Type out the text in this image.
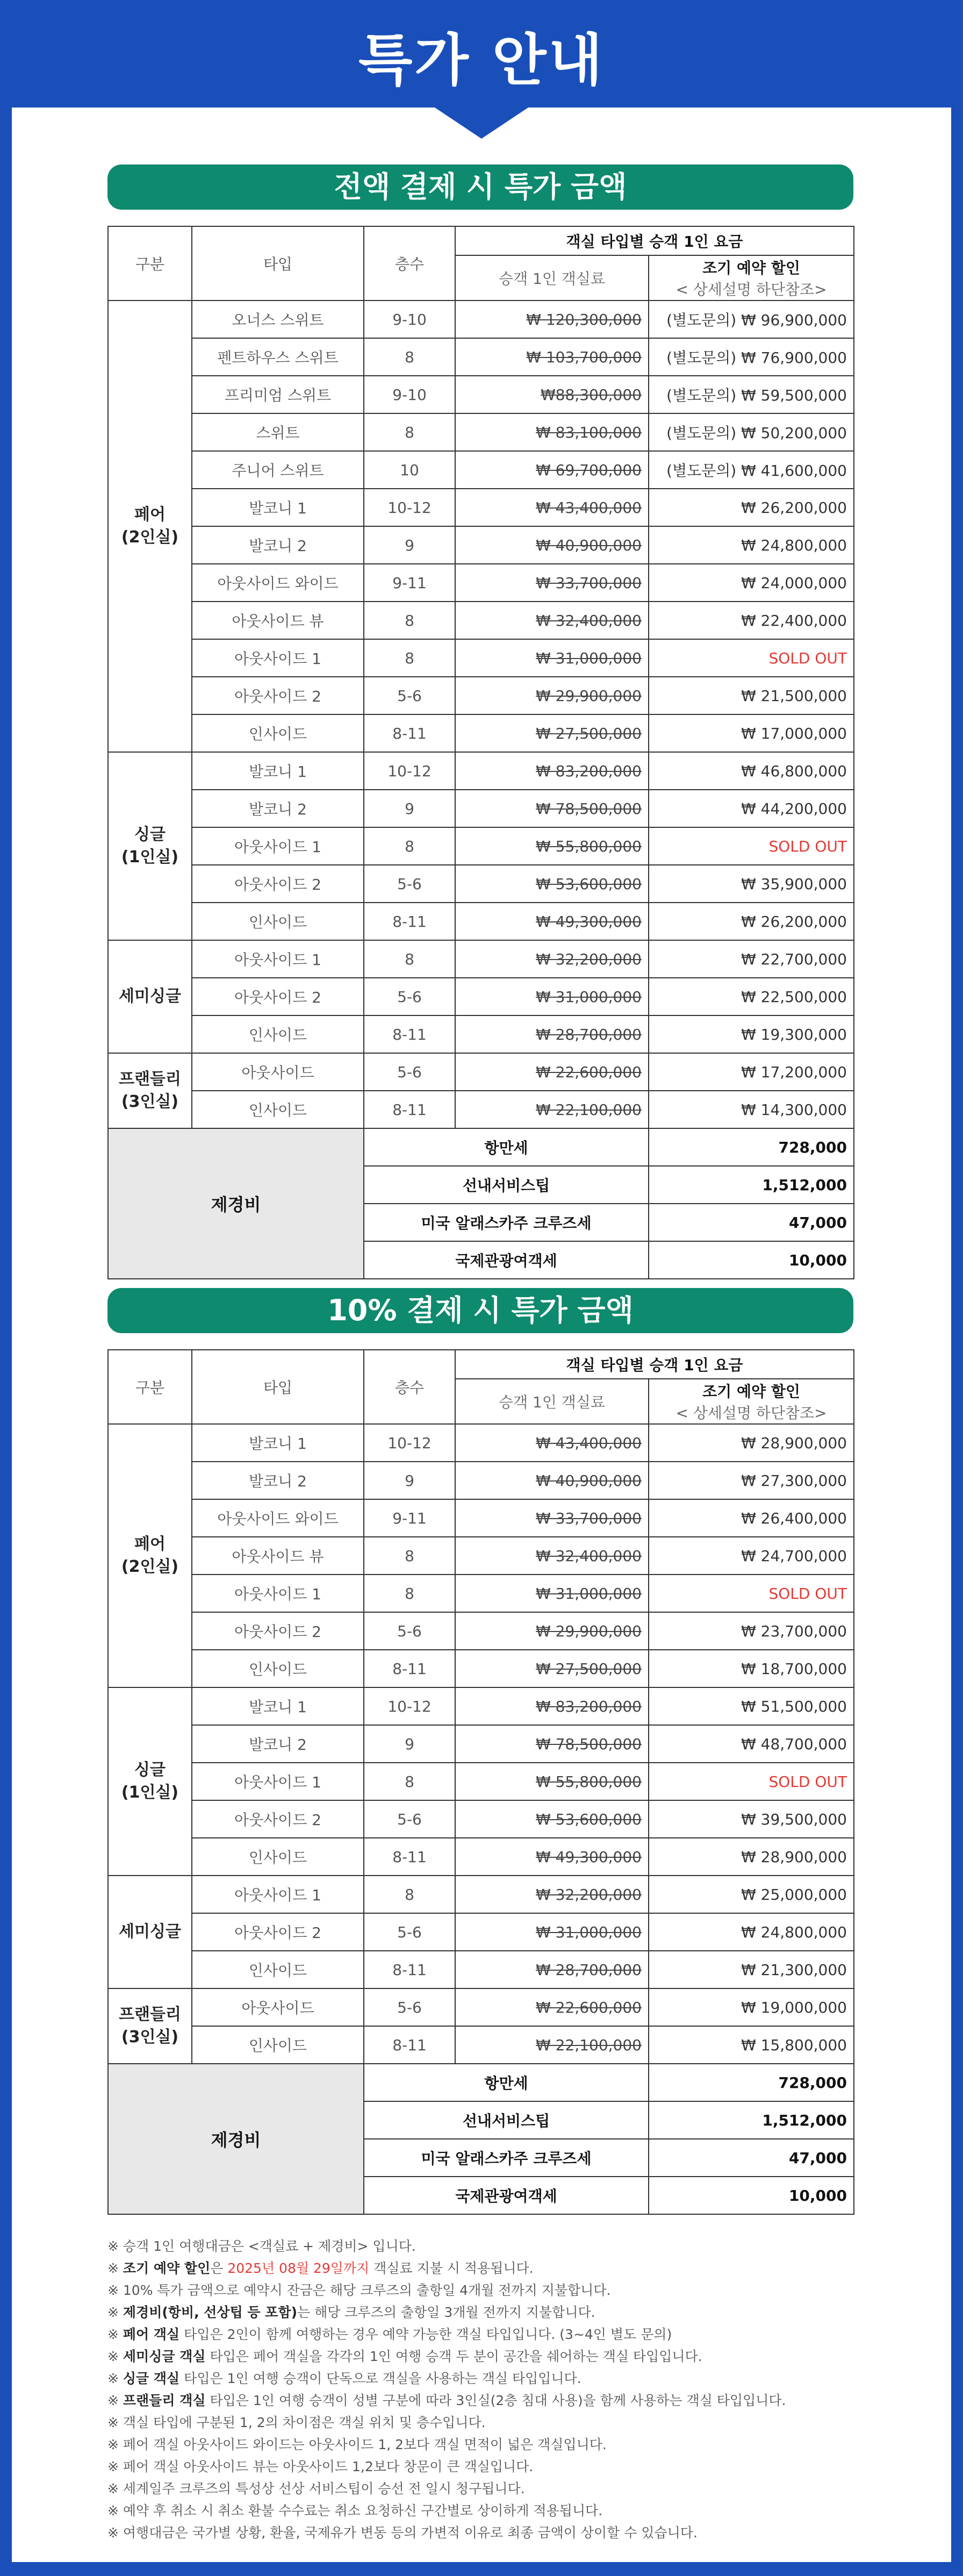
특가 안내
전액 결제 시 특가 금액
구분	타입	층수	객실 타입별 승객 1인 요금	
			승객 1인 객실료	조기 예약 할인
< 상세설명 하단참조>

페어
(2인실)	오너스 스위트	9-10	₩ 120,300,000	(별도문의) ₩ 96,900,000
	펜트하우스 스위트	8	₩ 103,700,000	(별도문의) ₩ 76,900,000
	프리미엄 스위트	9-10	₩88,300,000	(별도문의) ₩ 59,500,000
	스위트	8	₩ 83,100,000	(별도문의) ₩ 50,200,000
	주니어 스위트	10	₩ 69,700,000	(별도문의) ₩ 41,600,000
	발코니 1	10-12	₩ 43,400,000	₩ 26,200,000
	발코니 2	9	₩ 40,900,000	₩ 24,800,000
	아웃사이드 와이드	9-11	₩ 33,700,000	₩ 24,000,000
	아웃사이드 뷰	8	₩ 32,400,000	₩ 22,400,000
	아웃사이드 1	8	₩ 31,000,000	SOLD OUT
	아웃사이드 2	5-6	₩ 29,900,000	₩ 21,500,000
	인사이드	8-11	₩ 27,500,000	₩ 17,000,000

싱글
(1인실)	발코니 1	10-12	₩ 83,200,000	₩ 46,800,000
	발코니 2	9	₩ 78,500,000	₩ 44,200,000
	아웃사이드 1	8	₩ 55,800,000	SOLD OUT
	아웃사이드 2	5-6	₩ 53,600,000	₩ 35,900,000
	인사이드	8-11	₩ 49,300,000	₩ 26,200,000

세미싱글	아웃사이드 1	8	₩ 32,200,000	₩ 22,700,000
	아웃사이드 2	5-6	₩ 31,000,000	₩ 22,500,000
	인사이드	8-11	₩ 28,700,000	₩ 19,300,000

프랜들리
(3인실)	아웃사이드	5-6	₩ 22,600,000	₩ 17,200,000
	인사이드	8-11	₩ 22,100,000	₩ 14,300,000
제경비		항만세		728,000
		선내서비스팁		1,512,000
		미국 알래스카주 크루즈세		47,000
		국제관광여객세		10,000
10% 결제 시 특가 금액
구분	타입	층수	객실 타입별 승객 1인 요금	
			승객 1인 객실료	조기 예약 할인
< 상세설명 하단참조>

페어
(2인실)	발코니 1	10-12	₩ 43,400,000	₩ 28,900,000
	발코니 2	9	₩ 40,900,000	₩ 27,300,000
	아웃사이드 와이드	9-11	₩ 33,700,000	₩ 26,400,000
	아웃사이드 뷰	8	₩ 32,400,000	₩ 24,700,000
	아웃사이드 1	8	₩ 31,000,000	SOLD OUT
	아웃사이드 2	5-6	₩ 29,900,000	₩ 23,700,000
	인사이드	8-11	₩ 27,500,000	₩ 18,700,000

싱글
(1인실)	발코니 1	10-12	₩ 83,200,000	₩ 51,500,000
	발코니 2	9	₩ 78,500,000	₩ 48,700,000
	아웃사이드 1	8	₩ 55,800,000	SOLD OUT
	아웃사이드 2	5-6	₩ 53,600,000	₩ 39,500,000
	인사이드	8-11	₩ 49,300,000	₩ 28,900,000

세미싱글	아웃사이드 1	8	₩ 32,200,000	₩ 25,000,000
	아웃사이드 2	5-6	₩ 31,000,000	₩ 24,800,000
	인사이드	8-11	₩ 28,700,000	₩ 21,300,000

프랜들리
(3인실)	아웃사이드	5-6	₩ 22,600,000	₩ 19,000,000
	인사이드	8-11	₩ 22,100,000	₩ 15,800,000
제경비		항만세		728,000
		선내서비스팁		1,512,000
		미국 알래스카주 크루즈세		47,000
		국제관광여객세		10,000

※ 승객 1인 여행대금은 <객실료 + 제경비> 입니다.

※ 조기 예약 할인은 2025년 08월 29일까지 객실료 지불 시 적용됩니다.

※ 10% 특가 금액으로 예약시 잔금은 해당 크루즈의 출항일 4개월 전까지 지불합니다.

※ 제경비(항비, 선상팁 등 포함)는 해당 크루즈의 출항일 3개월 전까지 지불합니다.

※ 페어 객실 타입은 2인이 함께 여행하는 경우 예약 가능한 객실 타입입니다. (3~4인 별도 문의)

※ 세미싱글 객실 타입은 페어 객실을 각각의 1인 여행 승객 두 분이 공간을 쉐어하는 객실 타입입니다.

※ 싱글 객실 타입은 1인 여행 승객이 단독으로 객실을 사용하는 객실 타입입니다.

※ 프랜들리 객실 타입은 1인 여행 승객이 성별 구분에 따라 3인실(2층 침대 사용)을 함께 사용하는 객실 타입입니다.

※ 객실 타입에 구분된 1, 2의 차이점은 객실 위치 및 층수입니다.

※ 페어 객실 아웃사이드 와이드는 아웃사이드 1, 2보다 객실 면적이 넓은 객실입니다.

※ 페어 객실 아웃사이드 뷰는 아웃사이드 1,2보다 창문이 큰 객실입니다.

※ 세계일주 크루즈의 특성상 선상 서비스팁이 승선 전 일시 청구됩니다.

※ 예약 후 취소 시 취소 환불 수수료는 취소 요청하신 구간별로 상이하게 적용됩니다.

※ 여행대금은 국가별 상황, 환율, 국제유가 변동 등의 가변적 이유로 최종 금액이 상이할 수 있습니다.
